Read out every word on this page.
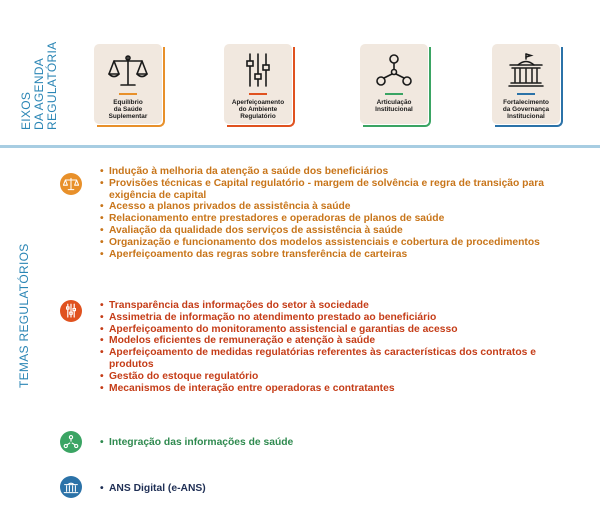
EIXOS DA AGENDA REGULATÓRIA	Equilíbrio
da Saúde
Suplementar
Aperfeiçoamento
do Ambiente
Regulatório
Articulação
Institucional
Fortalecimento
da Governança
Institucional
TEMAS REGULATÓRIOS
• Indução à melhoria da atenção a saúde dos beneficiários
• Provisões técnicas e Capital regulatório - margem de solvência e regra de transição para exigência de capital
• Acesso a planos privados de assistência à saúde
• Relacionamento entre prestadores e operadoras de planos de saúde
• Avaliação da qualidade dos serviços de assistência à saúde
• Organização e funcionamento dos modelos assistenciais e cobertura de procedimentos
• Aperfeiçoamento das regras sobre transferência de carteiras
• Transparência das informações do setor à sociedade
• Assimetria de informação no atendimento prestado ao beneficiário
• Aperfeiçoamento do monitoramento assistencial e garantias de acesso
• Modelos eficientes de remuneração e atenção à saúde
• Aperfeiçoamento de medidas regulatórias referentes às características dos contratos e produtos
• Gestão do estoque regulatório
• Mecanismos de interação entre operadoras e contratantes
• Integração das informações de saúde
• ANS Digital (e-ANS)
